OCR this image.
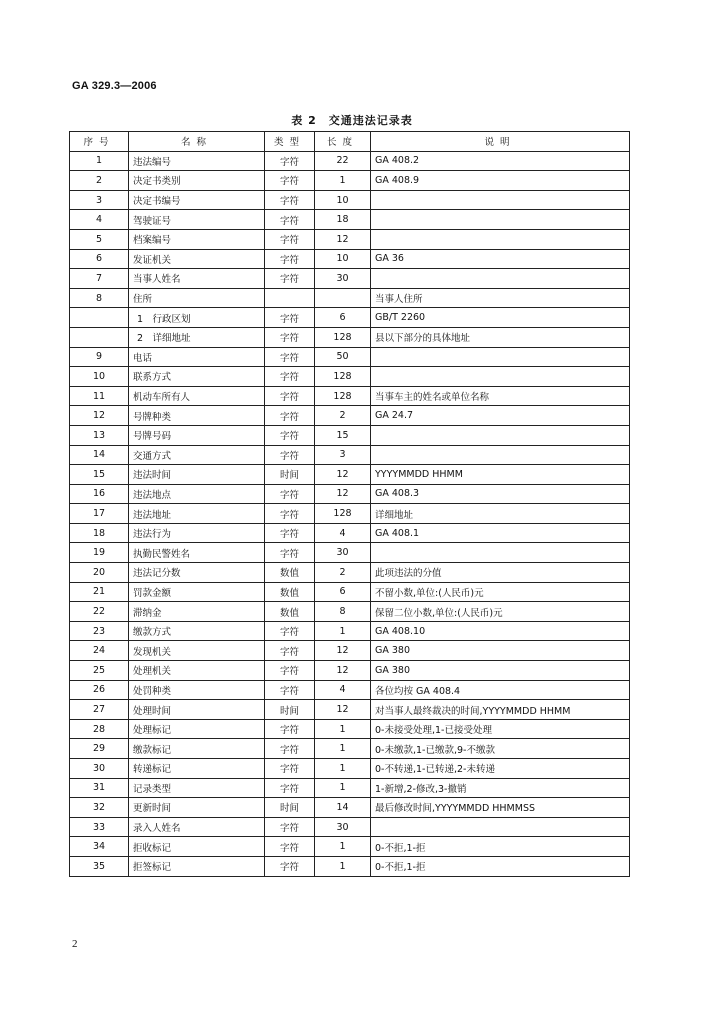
GA 329.3—2006
表 2　交通违法记录表
序号	名称	类型	长度	说明
1	违法编号	字符	22	GA 408.2
2	决定书类别	字符	1	GA 408.9
3	决定书编号	字符	10	
4	驾驶证号	字符	18	
5	档案编号	字符	12	
6	发证机关	字符	10	GA 36
7	当事人姓名	字符	30	
8	住所			当事人住所
	1　行政区划	字符	6	GB/T 2260
	2　详细地址	字符	128	县以下部分的具体地址
9	电话	字符	50	
10	联系方式	字符	128	
11	机动车所有人	字符	128	当事车主的姓名或单位名称
12	号牌种类	字符	2	GA 24.7
13	号牌号码	字符	15	
14	交通方式	字符	3	
15	违法时间	时间	12	YYYYMMDD HHMM
16	违法地点	字符	12	GA 408.3
17	违法地址	字符	128	详细地址
18	违法行为	字符	4	GA 408.1
19	执勤民警姓名	字符	30	
20	违法记分数	数值	2	此项违法的分值
21	罚款金额	数值	6	不留小数,单位:(人民币)元
22	滞纳金	数值	8	保留二位小数,单位:(人民币)元
23	缴款方式	字符	1	GA 408.10
24	发现机关	字符	12	GA 380
25	处理机关	字符	12	GA 380
26	处罚种类	字符	4	各位均按 GA 408.4
27	处理时间	时间	12	对当事人最终裁决的时间,YYYYMMDD HHMM
28	处理标记	字符	1	0-未接受处理,1-已接受处理
29	缴款标记	字符	1	0-未缴款,1-已缴款,9-不缴款
30	转递标记	字符	1	0-不转递,1-已转递,2-未转递
31	记录类型	字符	1	1-新增,2-修改,3-撤销
32	更新时间	时间	14	最后修改时间,YYYYMMDD HHMMSS
33	录入人姓名	字符	30	
34	拒收标记	字符	1	0-不拒,1-拒
35	拒签标记	字符	1	0-不拒,1-拒
2
